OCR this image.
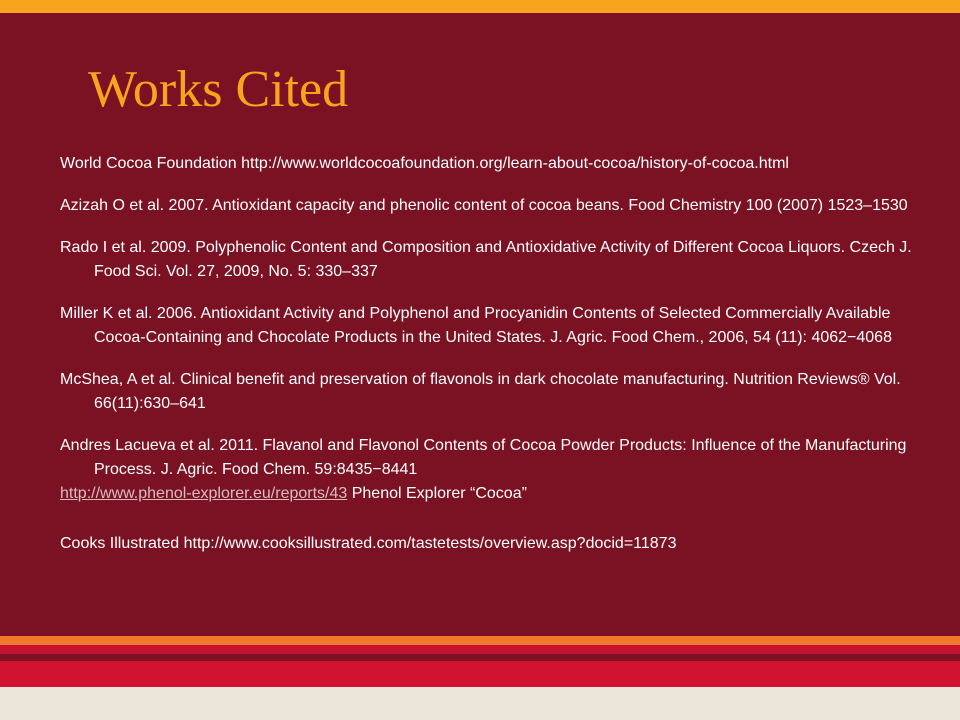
Works Cited

World Cocoa Foundation http://www.worldcocoafoundation.org/learn-about-cocoa/history-of-cocoa.html

Azizah O et al. 2007. Antioxidant capacity and phenolic content of cocoa beans. Food Chemistry 100 (2007) 1523–1530

Rado I et al. 2009. Polyphenolic Content and Composition and Antioxidative Activity of Different Cocoa Liquors. Czech J. Food Sci. Vol. 27, 2009, No. 5: 330–337

Miller K et al. 2006. Antioxidant Activity and Polyphenol and Procyanidin Contents of Selected Commercially Available Cocoa-Containing and Chocolate Products in the United States. J. Agric. Food Chem., 2006, 54 (11): 4062−4068

McShea, A et al. Clinical benefit and preservation of flavonols in dark chocolate manufacturing. Nutrition Reviews® Vol. 66(11):630–641

Andres Lacueva et al. 2011. Flavanol and Flavonol Contents of Cocoa Powder Products: Influence of the Manufacturing Process. J. Agric. Food Chem. 59:8435−8441

http://www.phenol-explorer.eu/reports/43 Phenol Explorer “Cocoa”

Cooks Illustrated http://www.cooksillustrated.com/tastetests/overview.asp?docid=11873
